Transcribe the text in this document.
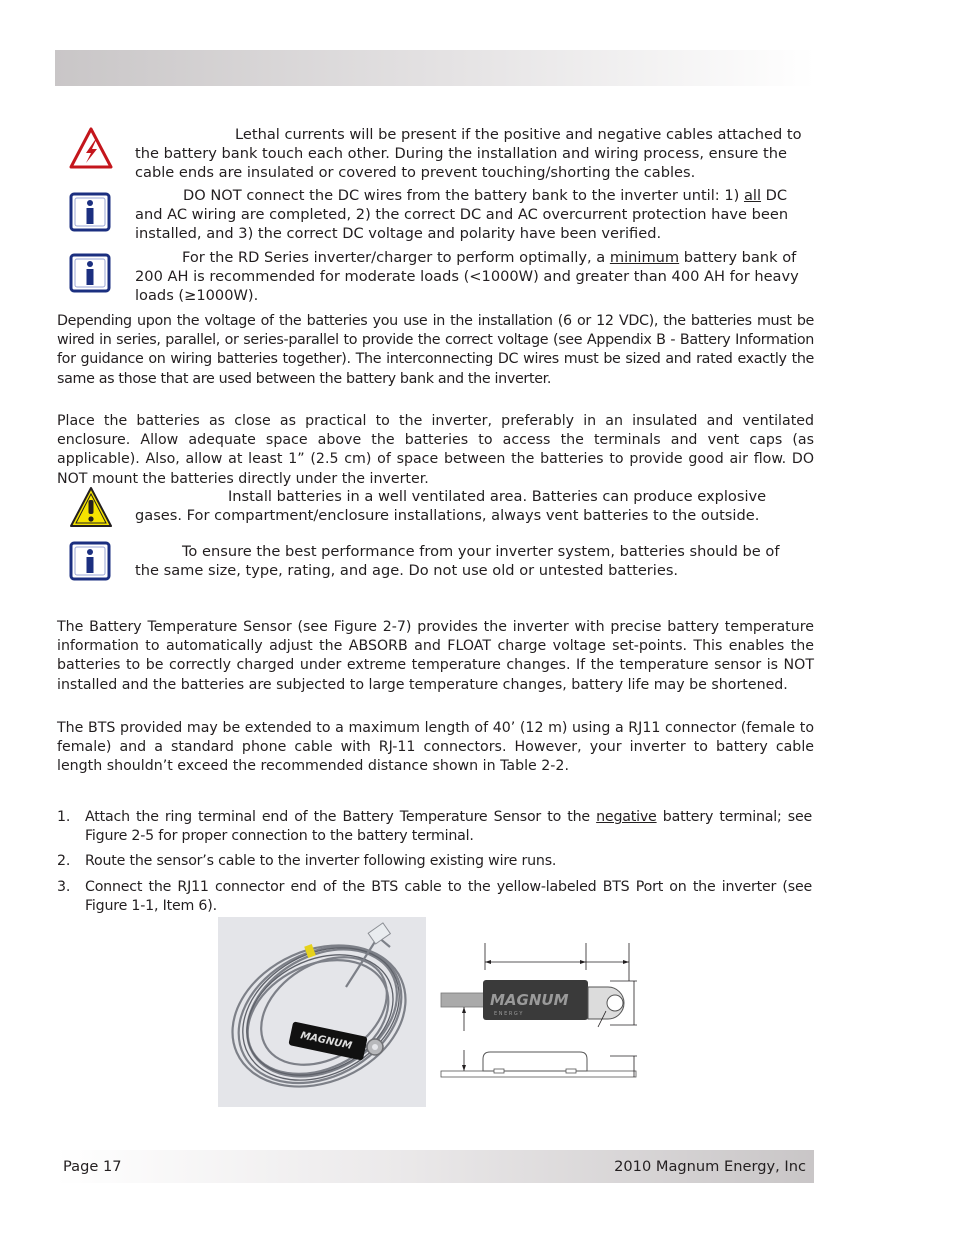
Lethal currents will be present if the positive and negative cables attached to the battery bank touch each other. During the installation and wiring process, ensure the cable ends are insulated or covered to prevent touching/shorting the cables.

DO NOT connect the DC wires from the battery bank to the inverter until: 1) all DC and AC wiring are completed, 2) the correct DC and AC overcurrent protection have been installed, and 3) the correct DC voltage and polarity have been verified.

For the RD Series inverter/charger to perform optimally, a minimum battery bank of 200 AH is recommended for moderate loads (<1000W) and greater than 400 AH for heavy loads (≥1000W).

Depending upon the voltage of the batteries you use in the installation (6 or 12 VDC), the batteries must be wired in series, parallel, or series-parallel to provide the correct voltage (see Appendix B - Battery Information for guidance on wiring batteries together). The interconnecting DC wires must be sized and rated exactly the same as those that are used between the battery bank and the inverter.

Place the batteries as close as practical to the inverter, preferably in an insulated and ventilated enclosure. Allow adequate space above the batteries to access the terminals and vent caps (as applicable). Also, allow at least 1” (2.5 cm) of space between the batteries to provide good air flow. DO NOT mount the batteries directly under the inverter.

Install batteries in a well ventilated area. Batteries can produce explosive gases. For compartment/enclosure installations, always vent batteries to the outside.

To ensure the best performance from your inverter system, batteries should be of the same size, type, rating, and age. Do not use old or untested batteries.

The Battery Temperature Sensor (see Figure 2-7) provides the inverter with precise battery temperature information to automatically adjust the ABSORB and FLOAT charge voltage set-points. This enables the batteries to be correctly charged under extreme temperature changes. If the temperature sensor is NOT installed and the batteries are subjected to large temperature changes, battery life may be shortened.

The BTS provided may be extended to a maximum length of 40’ (12 m) using a RJ11 connector (female to female) and a standard phone cable with RJ-11 connectors. However, your inverter to battery cable length shouldn’t exceed the recommended distance shown in Table 2-2.

1. Attach the ring terminal end of the Battery Temperature Sensor to the negative battery terminal; see Figure 2-5 for proper connection to the battery terminal.
2. Route the sensor’s cable to the inverter following existing wire runs.
3. Connect the RJ11 connector end of the BTS cable to the yellow-labeled BTS Port on the inverter (see Figure 1-1, Item 6).
MAGNUM
MAGNUM
E N E R G Y
Page 17	2010 Magnum Energy, Inc
